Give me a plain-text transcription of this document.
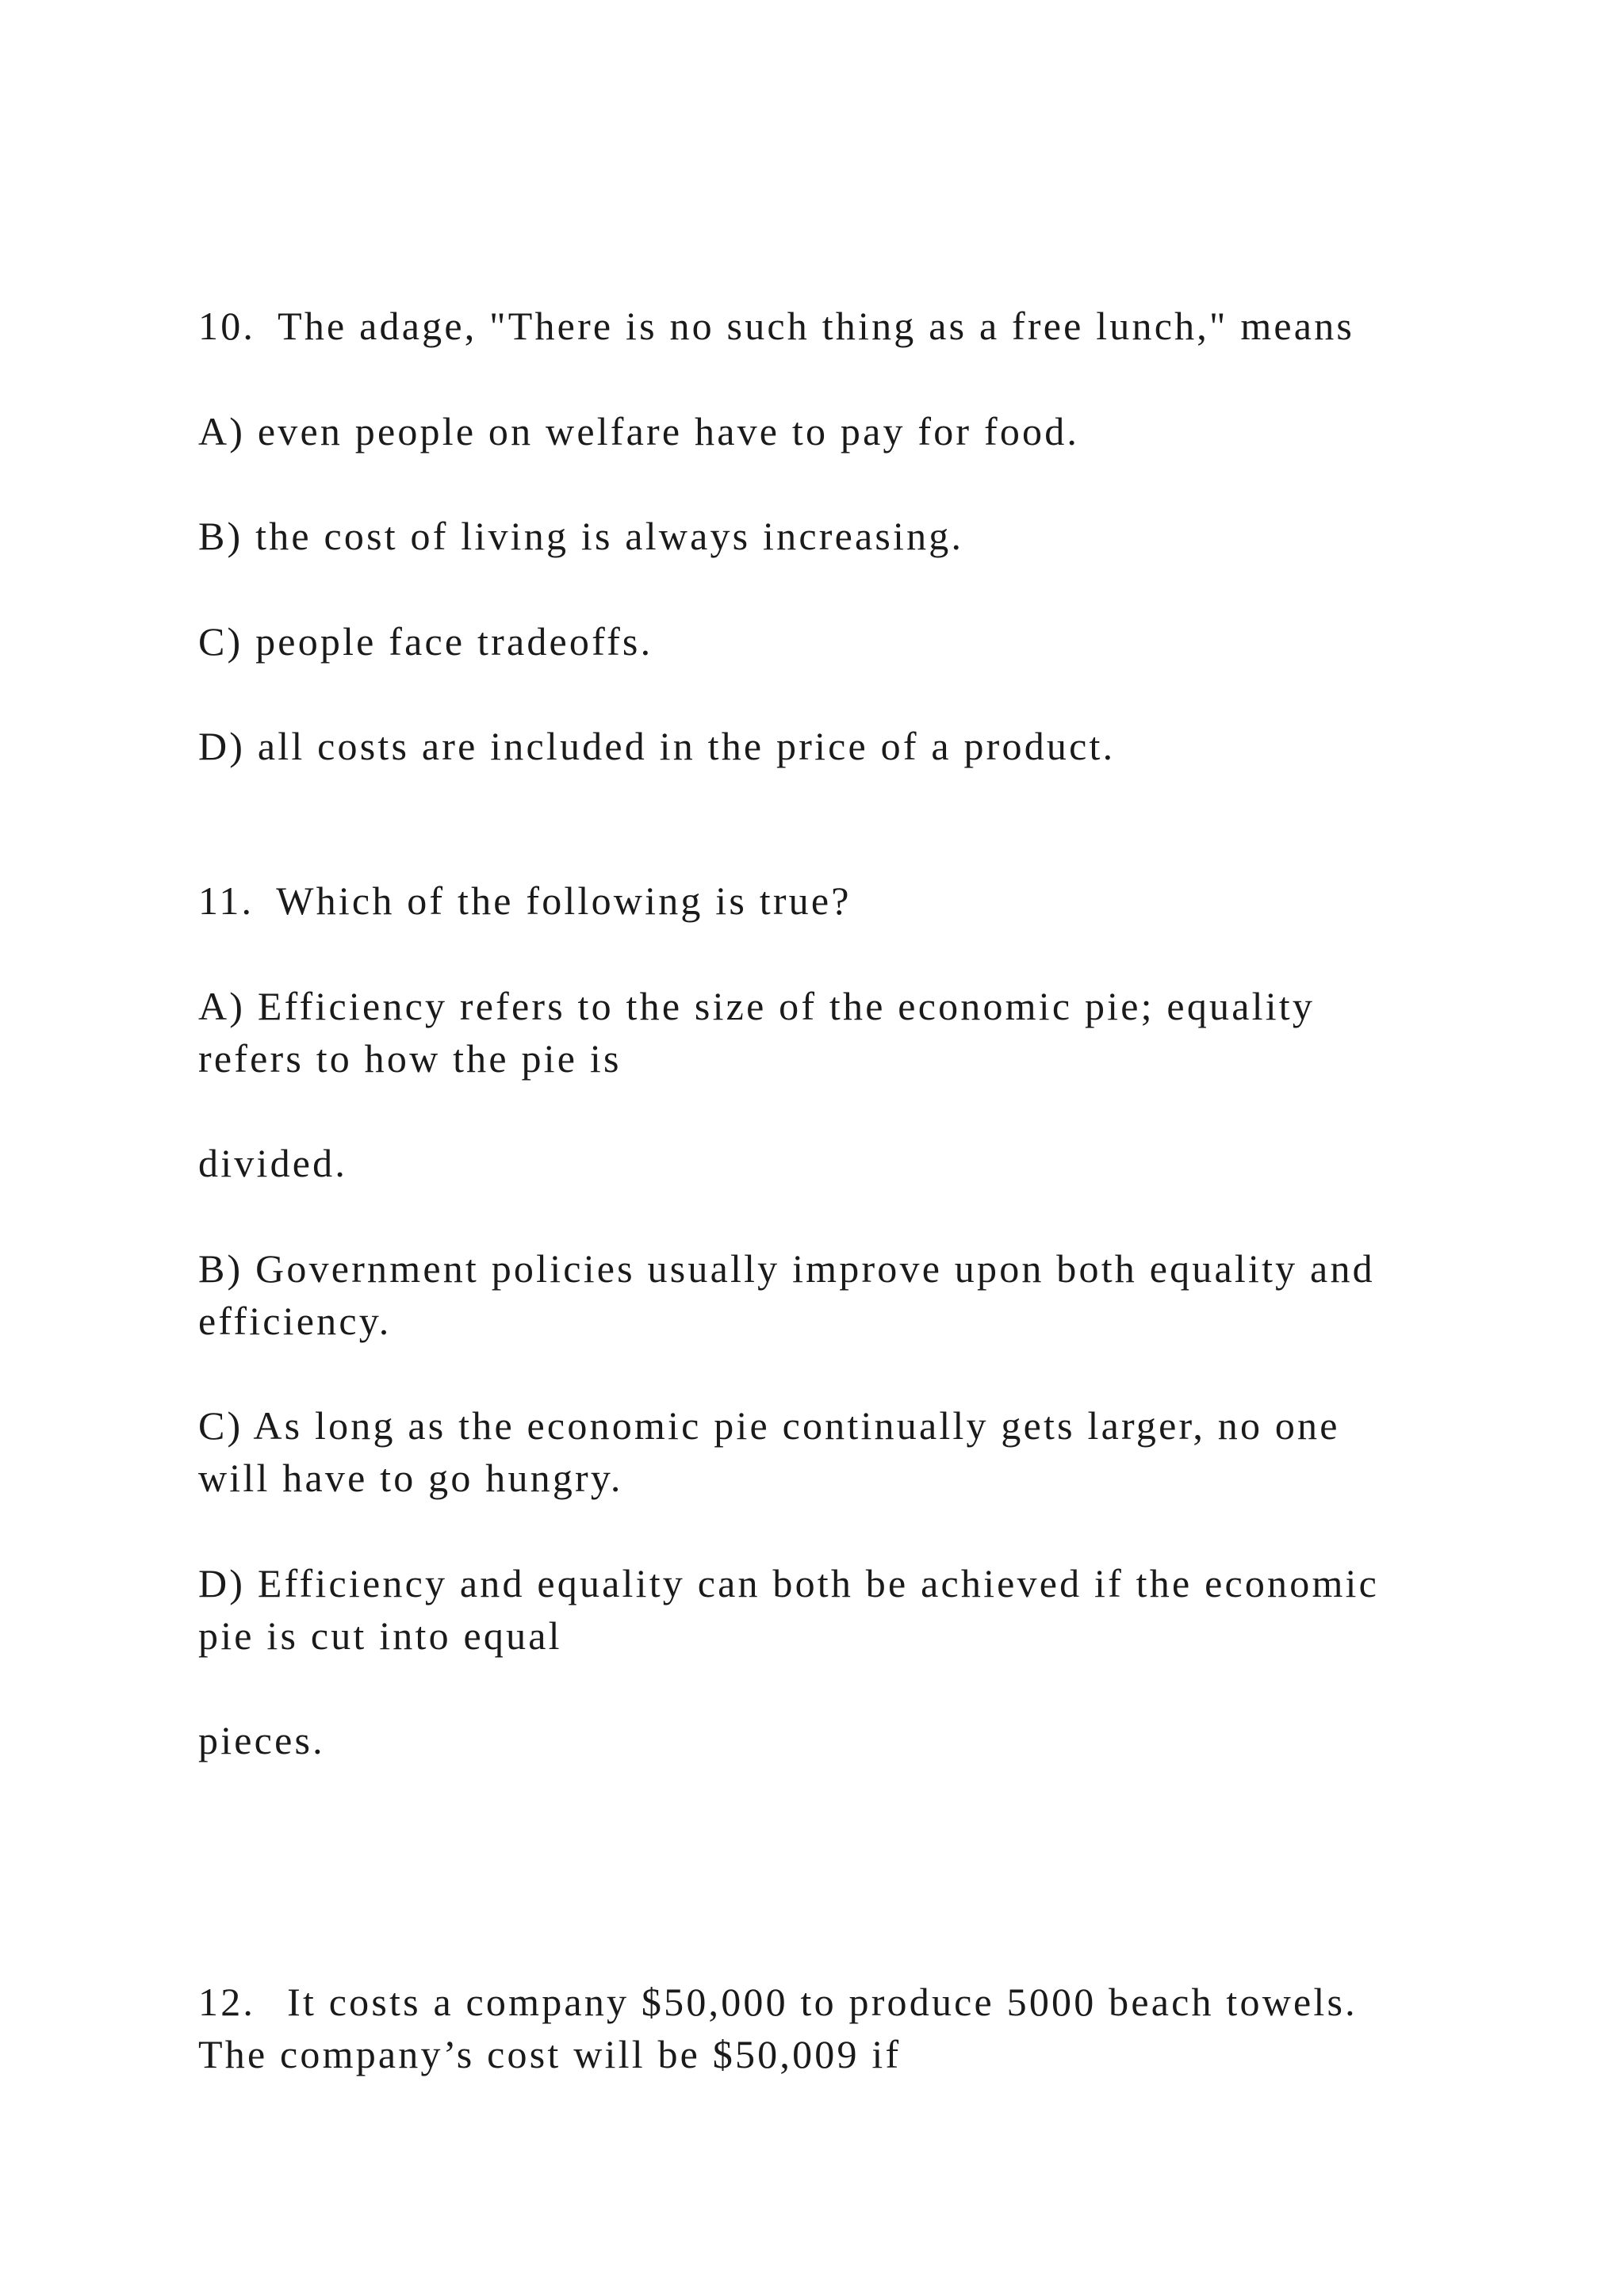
10. The adage, "There is no such thing as a free lunch," means

A) even people on welfare have to pay for food.

B) the cost of living is always increasing.

C) people face tradeoffs.

D) all costs are included in the price of a product.

11. Which of the following is true?

A) Efficiency refers to the size of the economic pie; equality

refers to how the pie is

divided.

B) Government policies usually improve upon both equality and

efficiency.

C) As long as the economic pie continually gets larger, no one

will have to go hungry.

D) Efficiency and equality can both be achieved if the economic

pie is cut into equal

pieces.

12. It costs a company $50,000 to produce 5000 beach towels.

The company’s cost will be $50,009 if
